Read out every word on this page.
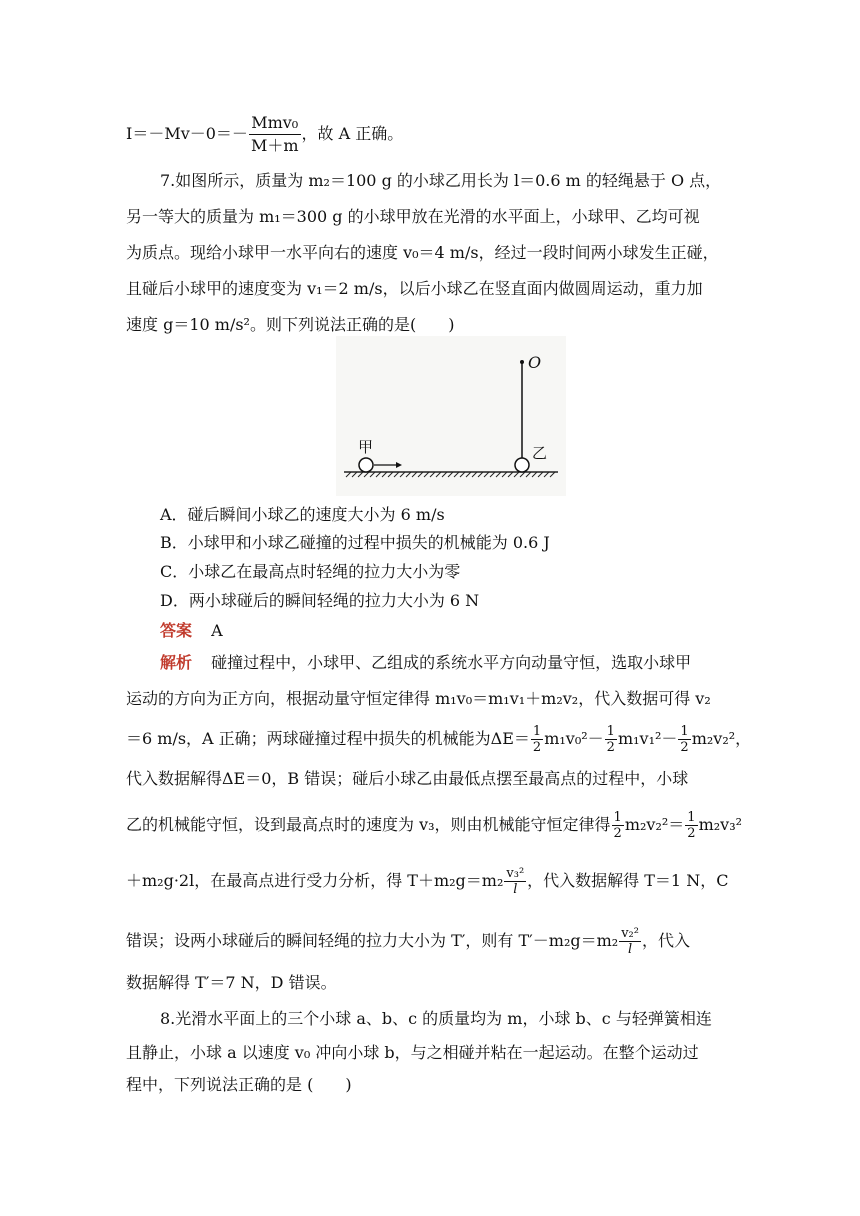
$I=-Mv-0=- \frac{\text{Mmv₀}}{M+m}$ ，故 A 正确。
7.如图所示，质量为 m₂＝100 g 的小球乙用长为 l＝0.6 m 的轻绳悬于 O 点，
另一等大的质量为 m₁＝300 g 的小球甲放在光滑的水平面上，小球甲、乙均可视
为质点。现给小球甲一水平向右的速度 v₀＝4 m/s，经过一段时间两小球发生正碰，
且碰后小球甲的速度变为 v₁＝2 m/s，以后小球乙在竖直面内做圆周运动，重力加
速度 g＝10 m/s²。则下列说法正确的是(　　)
O
甲	乙
A．碰后瞬间小球乙的速度大小为 6 m/s
B．小球甲和小球乙碰撞的过程中损失的机械能为 0.6 J
C．小球乙在最高点时轻绳的拉力大小为零
D．两小球碰后的瞬间轻绳的拉力大小为 6 N
答案 A
解析 碰撞过程中，小球甲、乙组成的系统水平方向动量守恒，选取小球甲
运动的方向为正方向，根据动量守恒定律得 m₁v₀＝m₁v₁＋m₂v₂，代入数据可得 v₂
＝6 m/s，A 正确；两球碰撞过程中损失的机械能为$\Delta E= \frac{1}{2} m_1v_0^2- \frac{1}{2} m_1v_1^2- \frac{1}{2} m_2v_2^2$，
代入数据解得ΔE＝0，B 错误；碰后小球乙由最低点摆至最高点的过程中，小球
乙的机械能守恒，设到最高点时的速度为 v₃，则由机械能守恒定律得 $\frac{1}{2} m_2v_2^2= \frac{1}{2} m_2v_3^2$
＋m₂g·2l，在最高点进行受力分析，得 $T+m_2g=m_2 \frac{\text{v₃²}}{l}$ ，代入数据解得 T＝1 N，C
错误；设两小球碰后的瞬间轻绳的拉力大小为 T′，则有 $T'-m_2g=m_2 \frac{\text{v₂²}}{l}$ ，代入
数据解得 T′＝7 N，D 错误。
8.光滑水平面上的三个小球 a、b、c 的质量均为 m，小球 b、c 与轻弹簧相连
且静止，小球 a 以速度 v₀ 冲向小球 b，与之相碰并粘在一起运动。在整个运动过
程中，下列说法正确的是 (　　)
